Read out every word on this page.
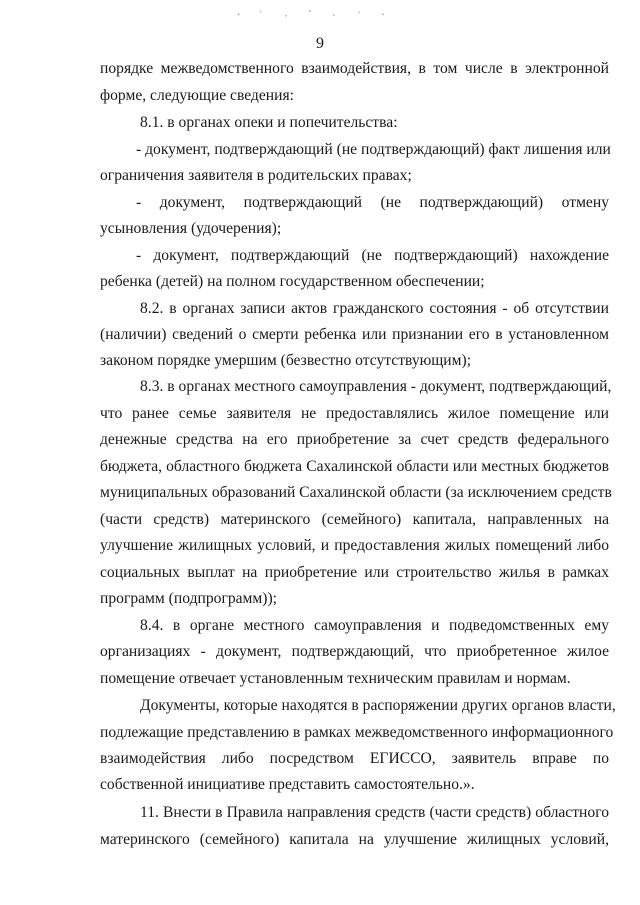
9
порядке межведомственного взаимодействия, в том числе в электронной
форме, следующие сведения:
8.1. в органах опеки и попечительства:
- документ, подтверждающий (не подтверждающий) факт лишения или
ограничения заявителя в родительских правах;
- документ, подтверждающий (не подтверждающий) отмену
усыновления (удочерения);
- документ, подтверждающий (не подтверждающий) нахождение
ребенка (детей) на полном государственном обеспечении;
8.2. в органах записи актов гражданского состояния - об отсутствии
(наличии) сведений о смерти ребенка или признании его в установленном
законом порядке умершим (безвестно отсутствующим);
8.3. в органах местного самоуправления - документ, подтверждающий,
что ранее семье заявителя не предоставлялись жилое помещение или
денежные средства на его приобретение за счет средств федерального
бюджета, областного бюджета Сахалинской области или местных бюджетов
муниципальных образований Сахалинской области (за исключением средств
(части средств) материнского (семейного) капитала, направленных на
улучшение жилищных условий, и предоставления жилых помещений либо
социальных выплат на приобретение или строительство жилья в рамках
программ (подпрограмм));
8.4. в органе местного самоуправления и подведомственных ему
организациях - документ, подтверждающий, что приобретенное жилое
помещение отвечает установленным техническим правилам и нормам.
Документы, которые находятся в распоряжении других органов власти,
подлежащие представлению в рамках межведомственного информационного
взаимодействия либо посредством ЕГИССО, заявитель вправе по
собственной инициативе представить самостоятельно.».
11. Внести в Правила направления средств (части средств) областного
материнского (семейного) капитала на улучшение жилищных условий,
